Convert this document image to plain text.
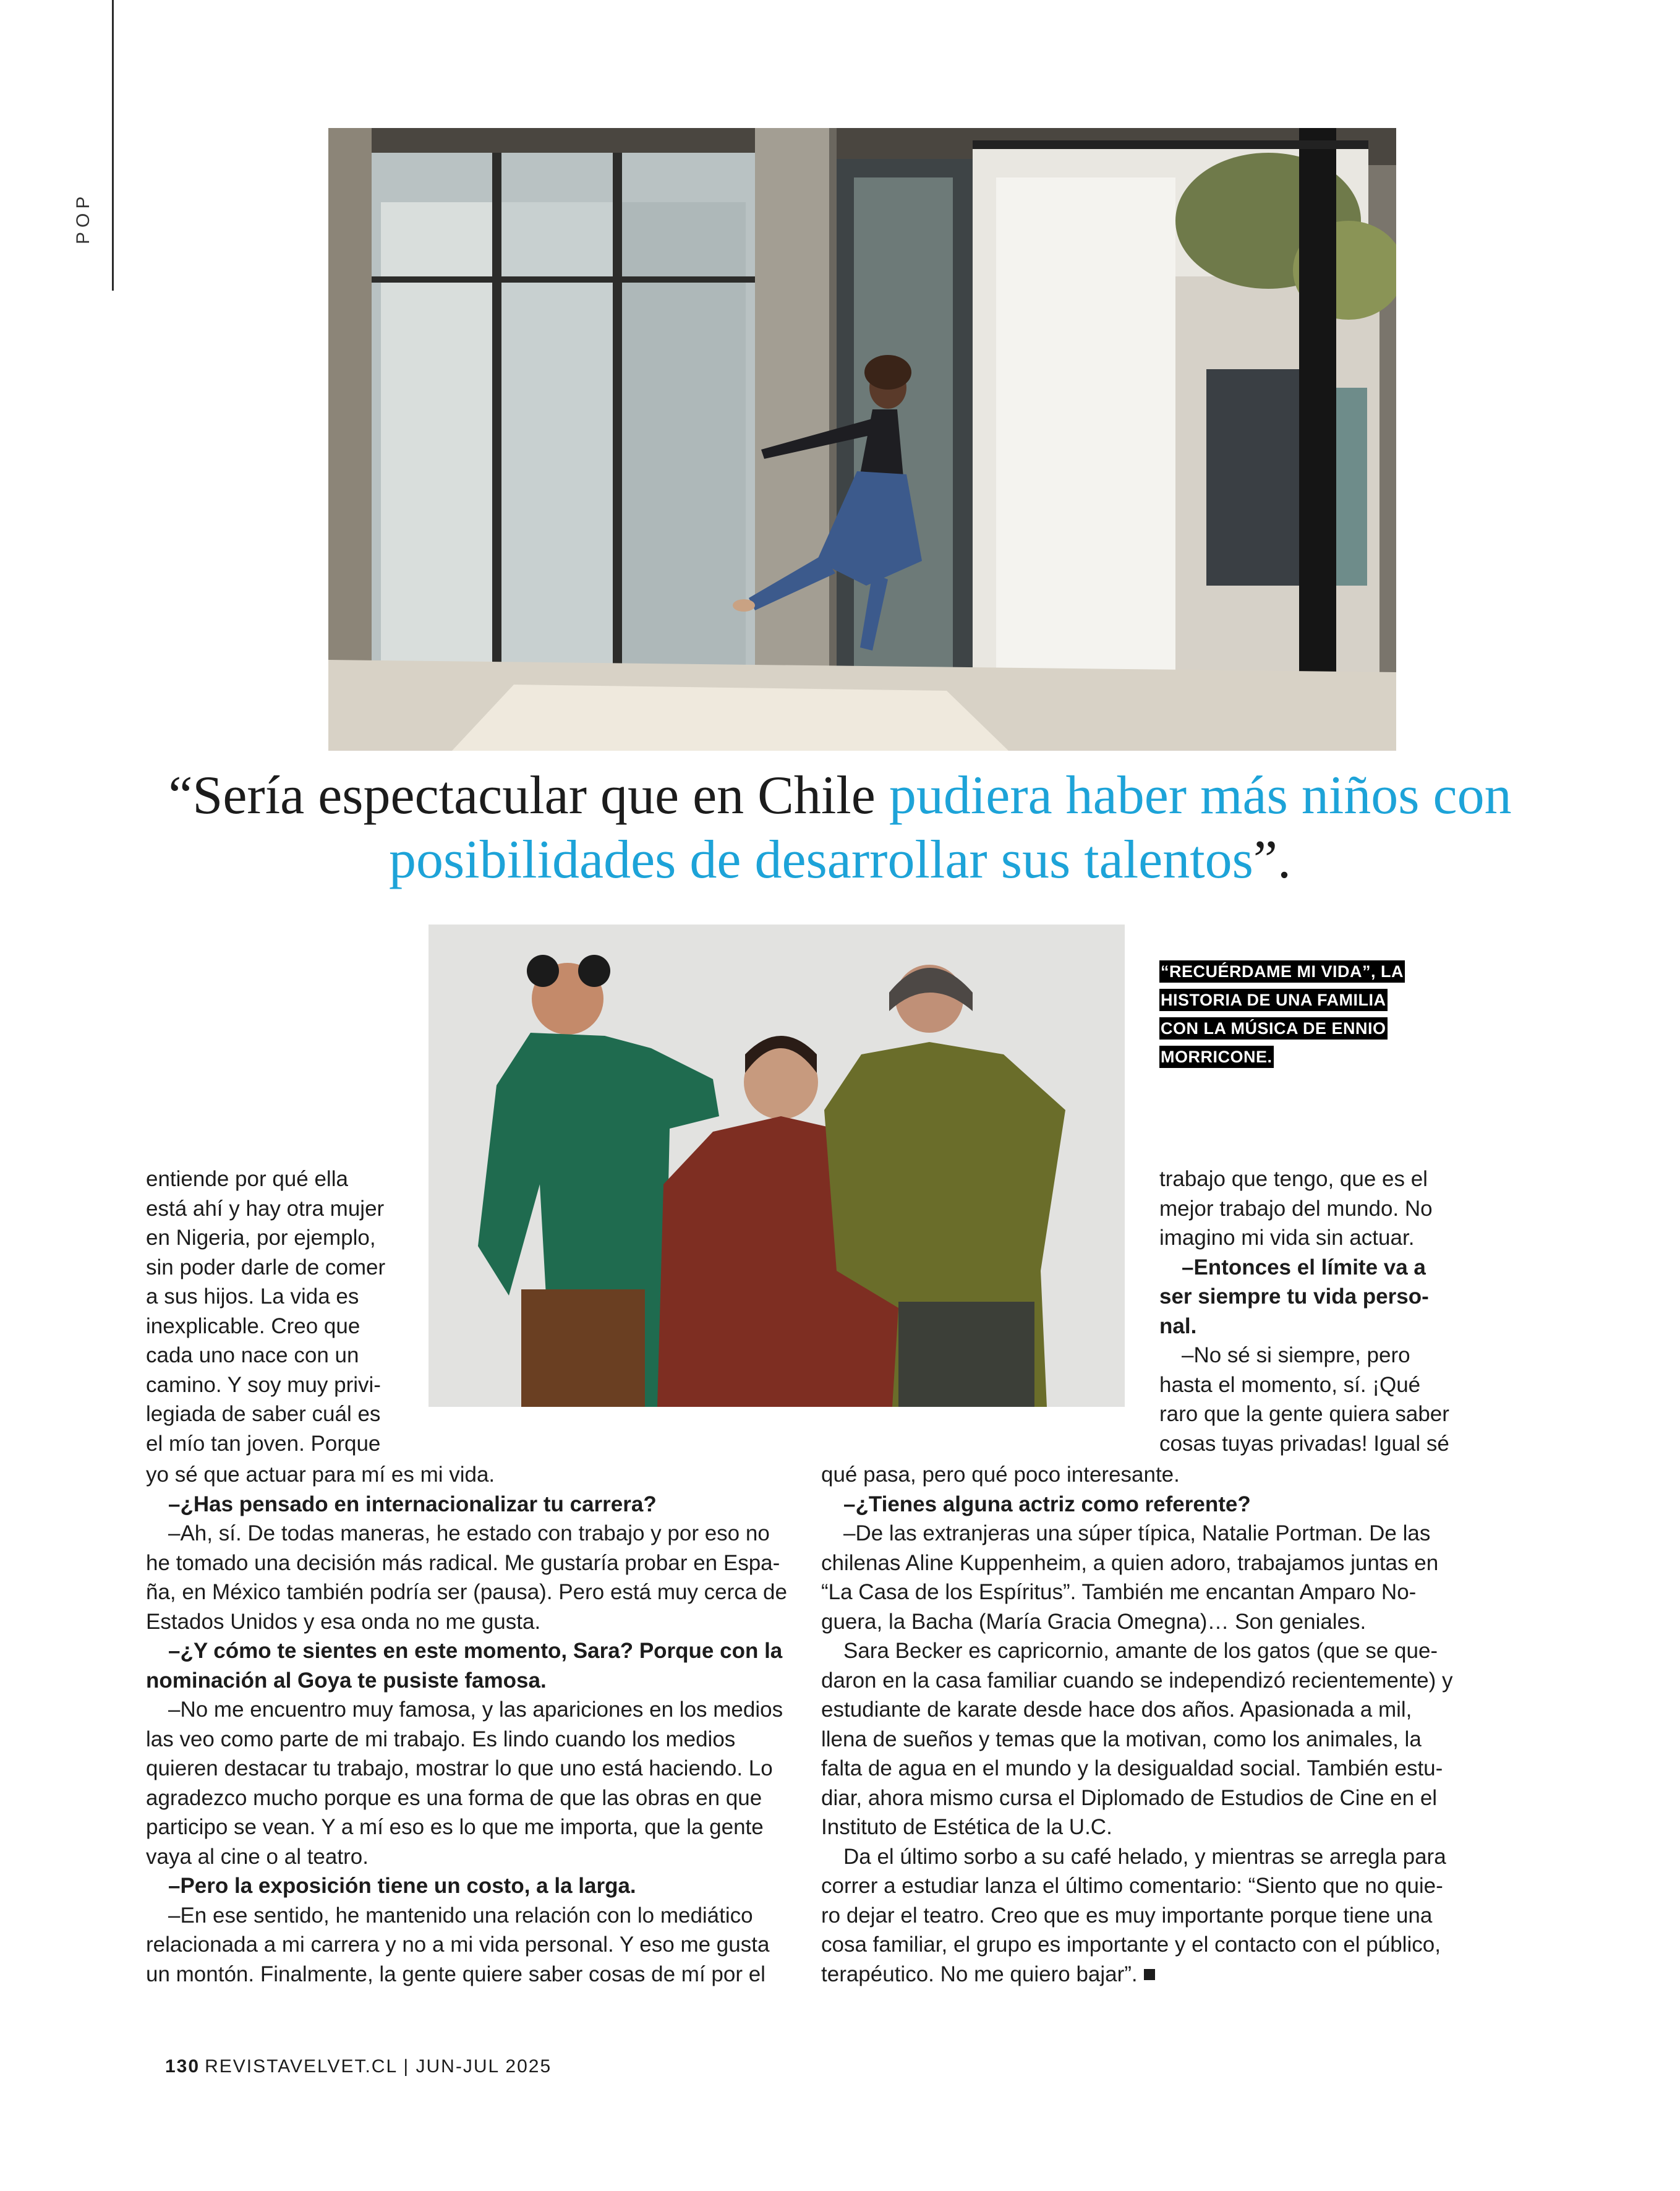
POP
“Sería espectacular que en Chile pudiera haber más niños con posibilidades de desarrollar sus talentos”.
“RECUÉRDAME MI VIDA”, LA
HISTORIA DE UNA FAMILIA
CON LA MÚSICA DE ENNIO
MORRICONE.

entiende por qué ella

está ahí y hay otra mujer

en Nigeria, por ejemplo,

sin poder darle de comer

a sus hijos. La vida es

inexplicable. Creo que

cada uno nace con un

camino. Y soy muy privi-

legiada de saber cuál es

el mío tan joven. Porque

trabajo que tengo, que es el

mejor trabajo del mundo. No

imagino mi vida sin actuar.

–Entonces el límite va a

ser siempre tu vida perso-

nal.

–No sé si siempre, pero

hasta el momento, sí. ¡Qué

raro que la gente quiera saber

cosas tuyas privadas! Igual sé

yo sé que actuar para mí es mi vida.

–¿Has pensado en internacionalizar tu carrera?

–Ah, sí. De todas maneras, he estado con trabajo y por eso no he tomado una decisión más radical. Me gustaría probar en Espa-ña, en México también podría ser (pausa). Pero está muy cerca de Estados Unidos y esa onda no me gusta.

–¿Y cómo te sientes en este momento, Sara? Porque con la nominación al Goya te pusiste famosa.

–No me encuentro muy famosa, y las apariciones en los medios las veo como parte de mi trabajo. Es lindo cuando los medios quieren destacar tu trabajo, mostrar lo que uno está haciendo. Lo agradezco mucho porque es una forma de que las obras en que participo se vean. Y a mí eso es lo que me importa, que la gente vaya al cine o al teatro.

–Pero la exposición tiene un costo, a la larga.

–En ese sentido, he mantenido una relación con lo mediático relacionada a mi carrera y no a mi vida personal. Y eso me gusta un montón. Finalmente, la gente quiere saber cosas de mí por el

qué pasa, pero qué poco interesante.

–¿Tienes alguna actriz como referente?

–De las extranjeras una súper típica, Natalie Portman. De las chilenas Aline Kuppenheim, a quien adoro, trabajamos juntas en “La Casa de los Espíritus”. También me encantan Amparo No-guera, la Bacha (María Gracia Omegna)… Son geniales.

Sara Becker es capricornio, amante de los gatos (que se que-daron en la casa familiar cuando se independizó recientemente) y estudiante de karate desde hace dos años. Apasionada a mil, llena de sueños y temas que la motivan, como los animales, la falta de agua en el mundo y la desigualdad social. También estu-diar, ahora mismo cursa el Diplomado de Estudios de Cine en el Instituto de Estética de la U.C.

Da el último sorbo a su café helado, y mientras se arregla para correr a estudiar lanza el último comentario: “Siento que no quie-ro dejar el teatro. Creo que es muy importante porque tiene una cosa familiar, el grupo es importante y el contacto con el público, terapéutico. No me quiero bajar”.

130 REVISTAVELVET.CL | JUN-JUL 2025
